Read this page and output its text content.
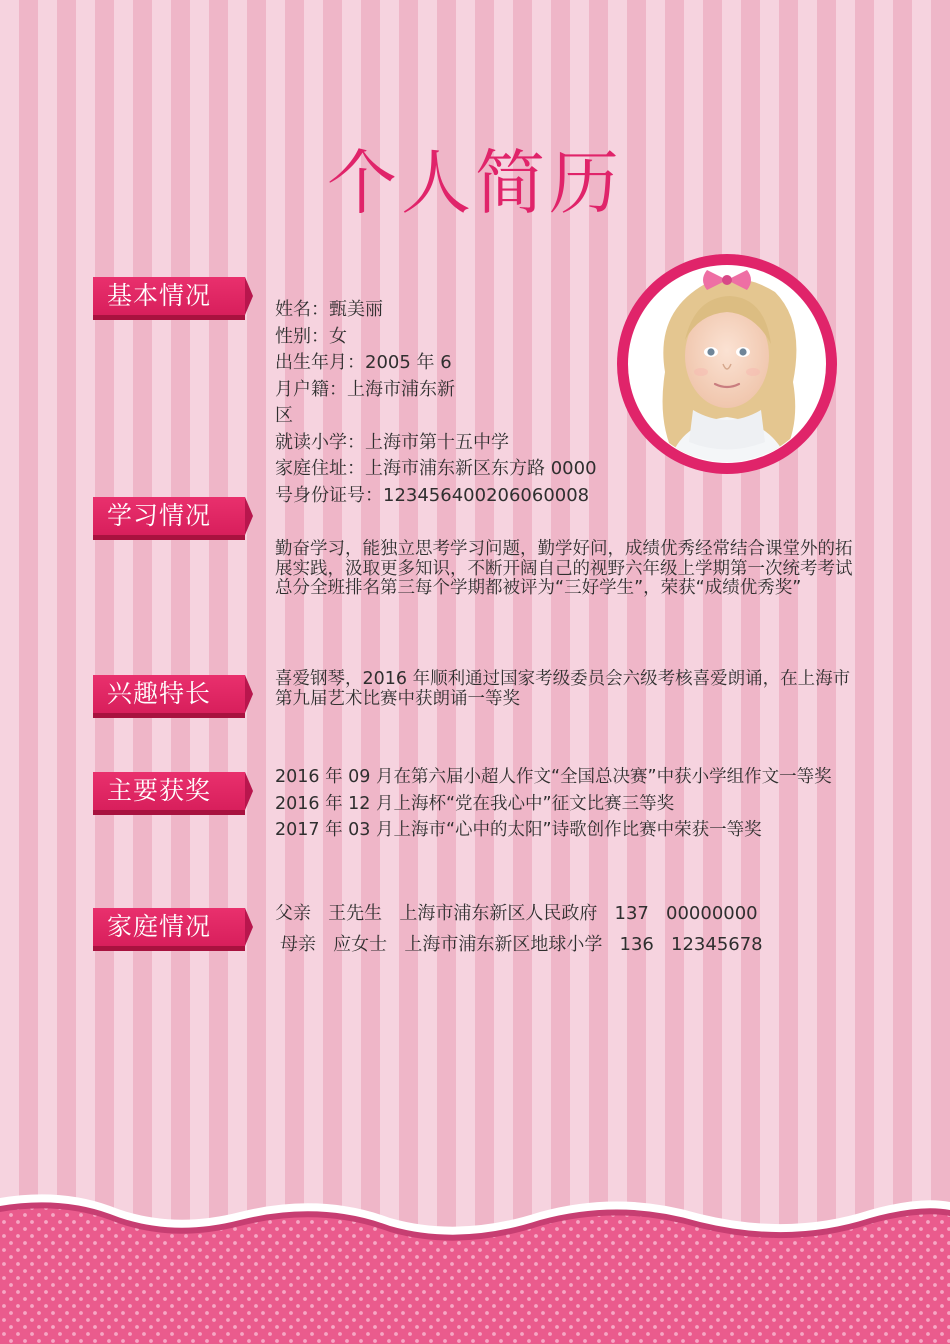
个人简历
基本情况
学习情况
兴趣特长
主要获奖
家庭情况
姓名：甄美丽
性别：女
出生年月：2005 年 6
月户籍：上海市浦东新
区
就读小学：上海市第十五中学
家庭住址：上海市浦东新区东方路 0000
号身份证号：12345640020606000​8
勤奋学习，能独立思考学习问题，勤学好问，成绩优秀经常结合课堂外的拓展实践，汲取更多知识，不断开阔自己的视野六年级上学期第一次统考考试总分全班排名第三每个学期都被评为“三好学生”，荣获“成绩优秀奖”
喜爱钢琴，2016 年顺利通过国家考级委员会六级考核喜爱朗诵，在上海市第九届艺术比赛中获朗诵一等奖
2016 年 09 月在第六届小超人作文“全国总决赛”中获小学组作文一等奖
2016 年 12 月上海杯“党在我心中”征文比赛三等奖
2017 年 03 月上海市“心中的太阳”诗歌创作比赛中荣获一等奖
父亲   王先生   上海市浦东新区人民政府   137   00000000
母亲   应女士   上海市浦东新区地球小学   136   12345678
